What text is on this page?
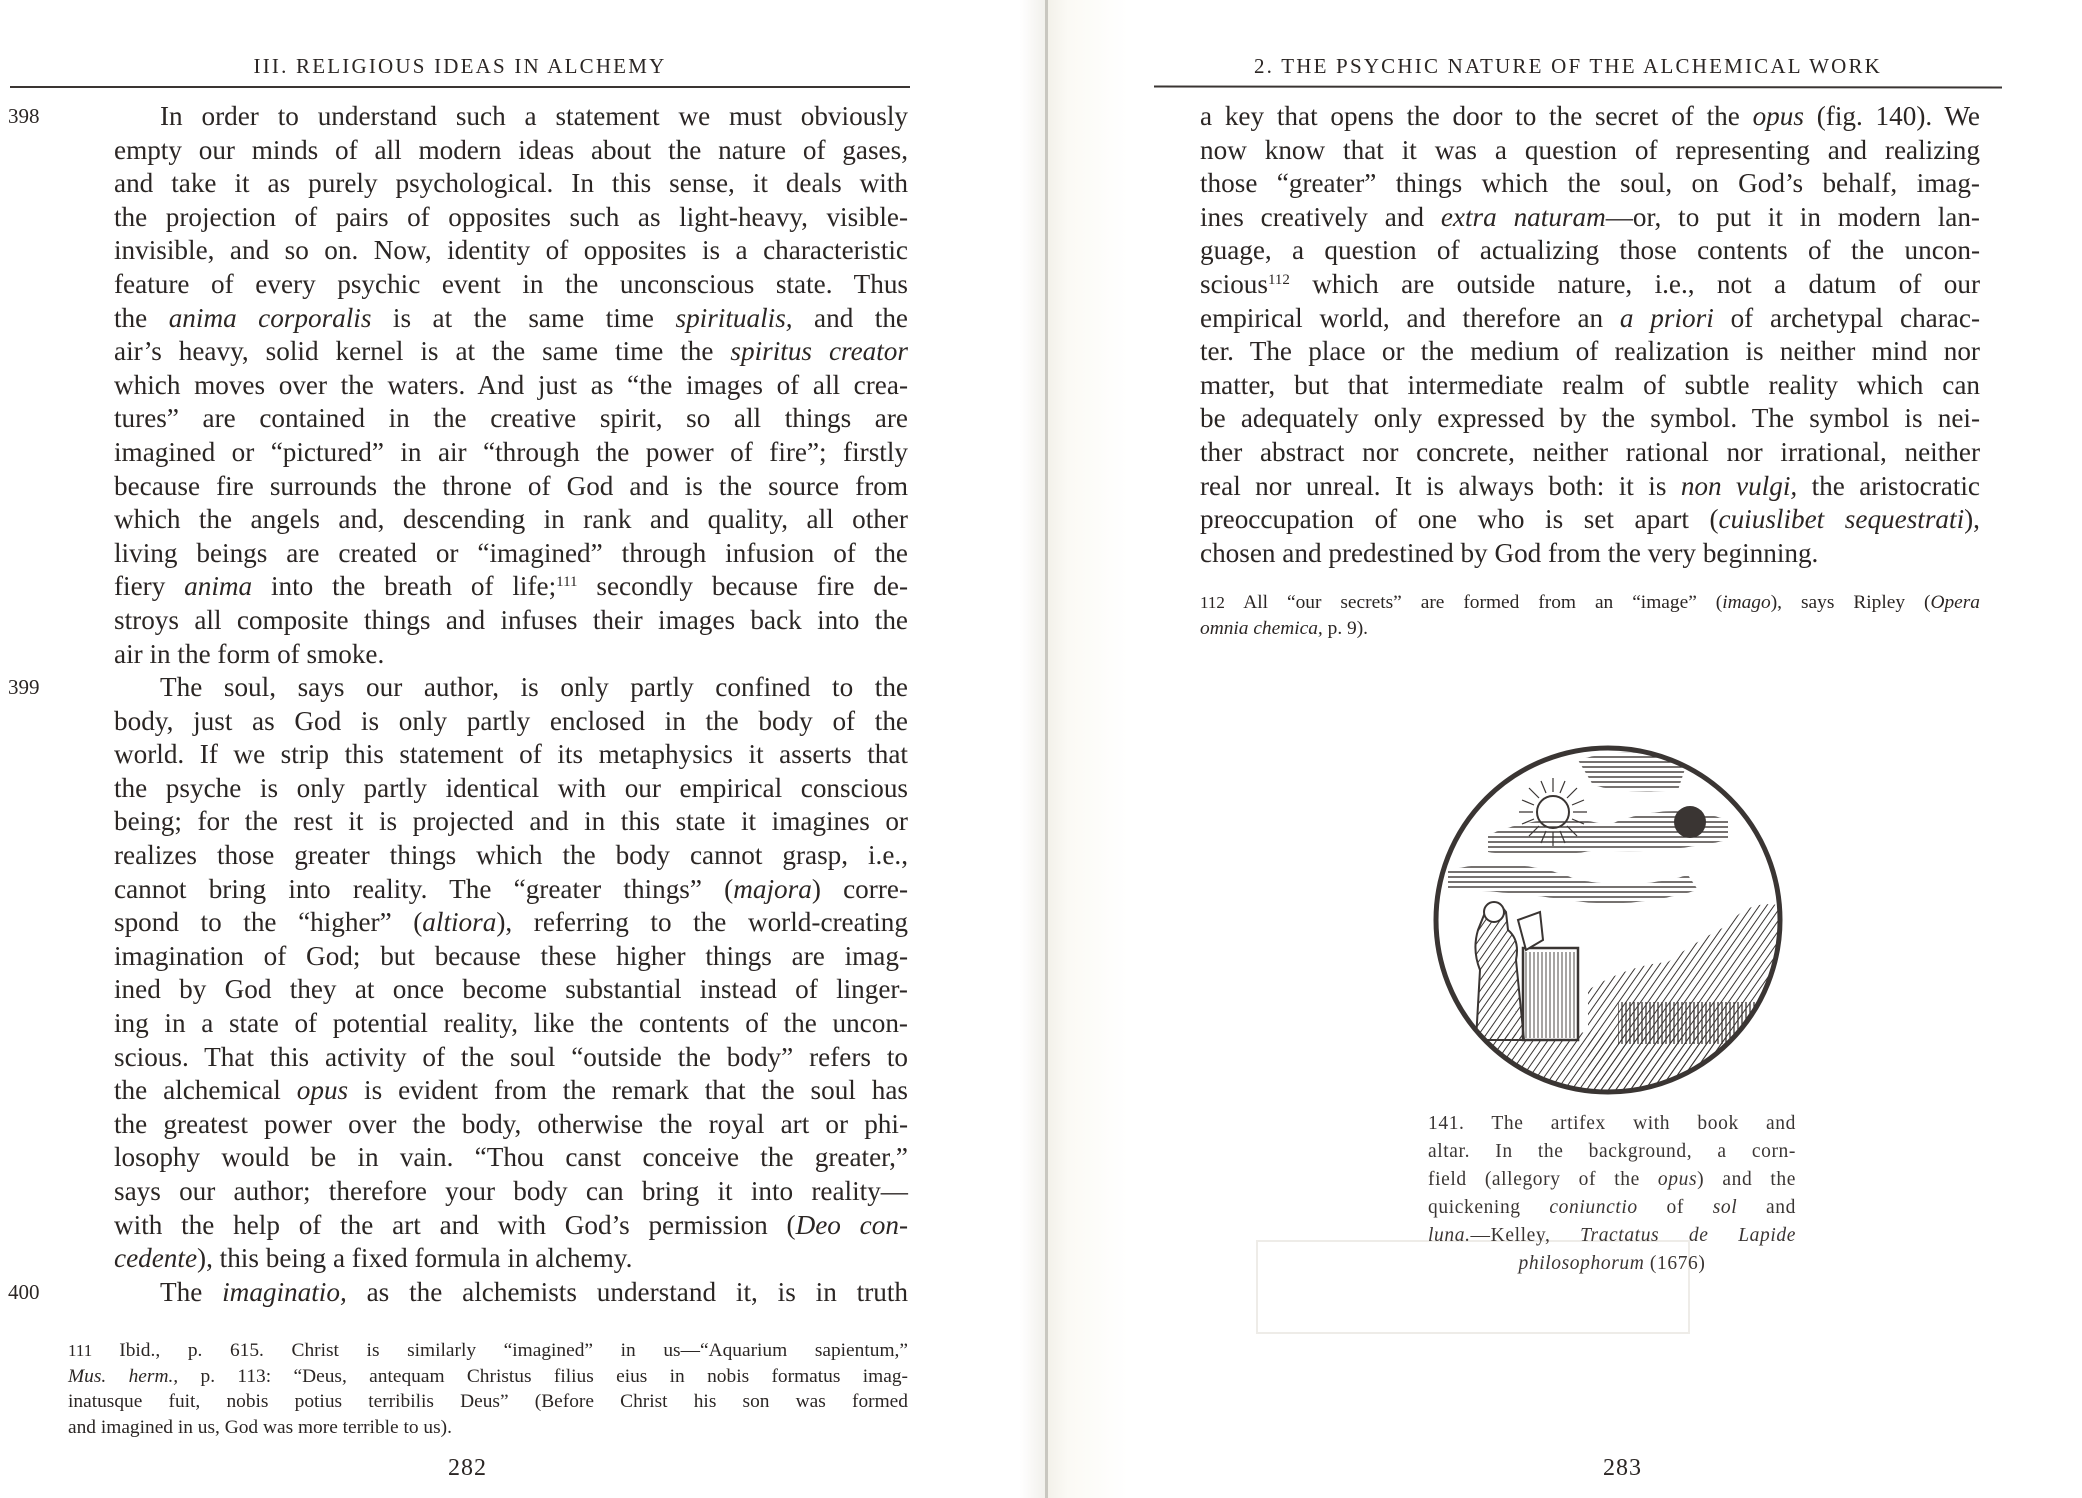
III. RELIGIOUS IDEAS IN ALCHEMY
398	In order to understand such a statement we must obviously
empty our minds of all modern ideas about the nature of gases,
and take it as purely psychological. In this sense, it deals with
the projection of pairs of opposites such as light-heavy, visible-
invisible, and so on. Now, identity of opposites is a characteristic
feature of every psychic event in the unconscious state. Thus
the anima corporalis is at the same time spiritualis, and the
air’s heavy, solid kernel is at the same time the spiritus creator
which moves over the waters. And just as “the images of all crea-
tures” are contained in the creative spirit, so all things are
imagined or “pictured” in air “through the power of fire”; firstly
because fire surrounds the throne of God and is the source from
which the angels and, descending in rank and quality, all other
living beings are created or “imagined” through infusion of the
fiery anima into the breath of life;$^{111}$ secondly because fire de-
stroys all composite things and infuses their images back into the
air in the form of smoke.
399	The soul, says our author, is only partly confined to the
body, just as God is only partly enclosed in the body of the
world. If we strip this statement of its metaphysics it asserts that
the psyche is only partly identical with our empirical conscious
being; for the rest it is projected and in this state it imagines or
realizes those greater things which the body cannot grasp, i.e.,
cannot bring into reality. The “greater things” (majora) corre-
spond to the “higher” (altiora), referring to the world-creating
imagination of God; but because these higher things are imag-
ined by God they at once become substantial instead of linger-
ing in a state of potential reality, like the contents of the uncon-
scious. That this activity of the soul “outside the body” refers to
the alchemical opus is evident from the remark that the soul has
the greatest power over the body, otherwise the royal art or phi-
losophy would be in vain. “Thou canst conceive the greater,”
says our author; therefore your body can bring it into reality—
with the help of the art and with God’s permission (Deo con-
cedente), this being a fixed formula in alchemy.
400	The imaginatio, as the alchemists understand it, is in truth
111 Ibid., p. 615. Christ is similarly “imagined” in us—“Aquarium sapientum,”
Mus. herm., p. 113: “Deus, antequam Christus filius eius in nobis formatus imag-
inatusque fuit, nobis potius terribilis Deus” (Before Christ his son was formed
and imagined in us, God was more terrible to us).
282
2. THE PSYCHIC NATURE OF THE ALCHEMICAL WORK
a key that opens the door to the secret of the opus (fig. 140). We
now know that it was a question of representing and realizing
those “greater” things which the soul, on God’s behalf, imag-
ines creatively and extra naturam—or, to put it in modern lan-
guage, a question of actualizing those contents of the uncon-
scious$^{112}$ which are outside nature, i.e., not a datum of our
empirical world, and therefore an a priori of archetypal charac-
ter. The place or the medium of realization is neither mind nor
matter, but that intermediate realm of subtle reality which can
be adequately only expressed by the symbol. The symbol is nei-
ther abstract nor concrete, neither rational nor irrational, neither
real nor unreal. It is always both: it is non vulgi, the aristocratic
preoccupation of one who is set apart (cuiuslibet sequestrati),
chosen and predestined by God from the very beginning.
112 All “our secrets” are formed from an “image” (imago), says Ripley (Opera
omnia chemica, p. 9).
141. The artifex with book and
altar. In the background, a corn-
field (allegory of the opus) and the
quickening coniunctio of sol and
luna.—Kelley, Tractatus de Lapide
philosophorum (1676)
283
